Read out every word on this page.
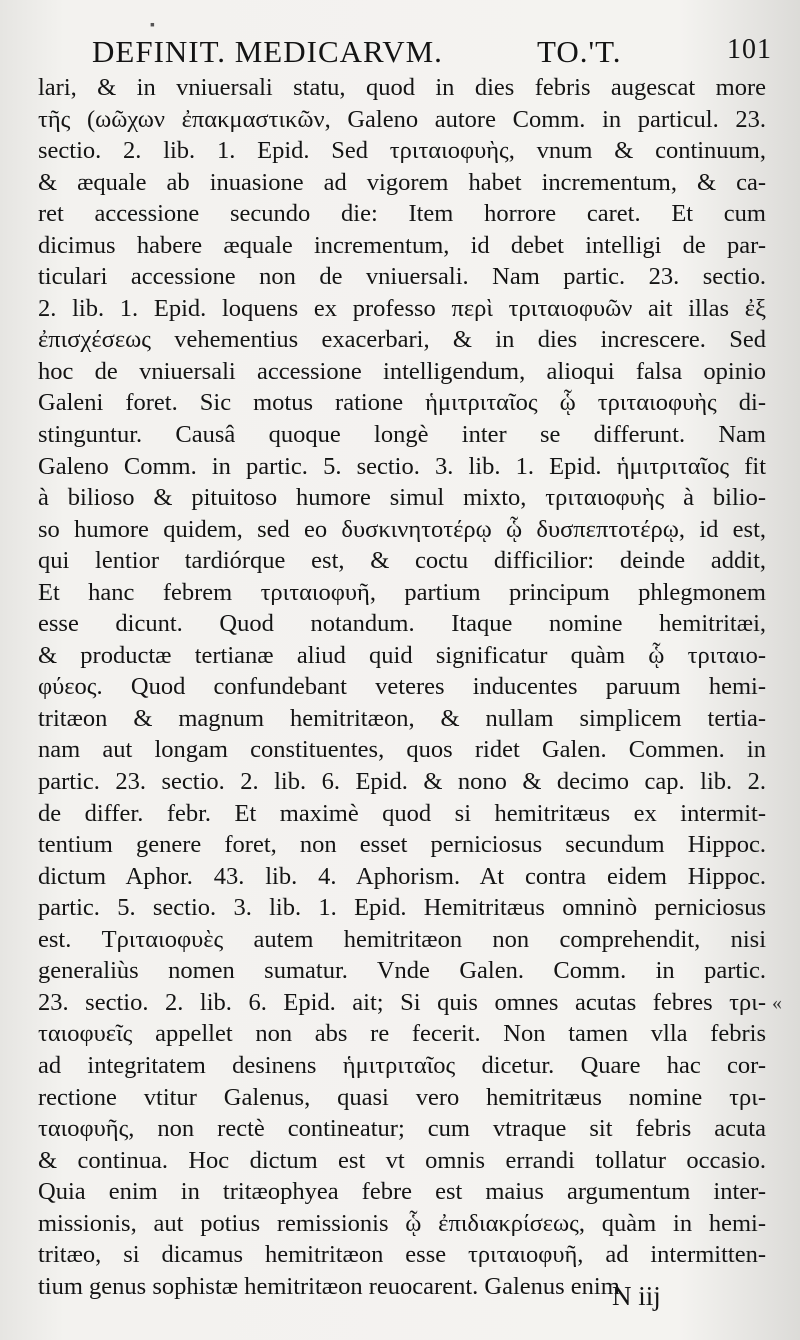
▪
DEFINIT. MEDICARVM.	TO.'T.	101
lari, & in vniuersali statu, quod in dies febris augescat more
τῆς (ωῶχων ἐπακμαστικῶν, Galeno autore Comm. in particul. 23.
sectio. 2. lib. 1. Epid. Sed τριταιοφυὴς, vnum & continuum,
& æquale ab inuasione ad vigorem habet incrementum, & ca-
ret accessione secundo die: Item horrore caret. Et cum
dicimus habere æquale incrementum, id debet intelligi de par-
ticulari accessione non de vniuersali. Nam partic. 23. sectio.
2. lib. 1. Epid. loquens ex professo περὶ τριταιοφυῶν ait illas ἐξ
ἐπισχέσεως vehementius exacerbari, & in dies increscere. Sed
hoc de vniuersali accessione intelligendum, alioqui falsa opinio
Galeni foret. Sic motus ratione ἡμιτριταῖος ᾧ τριταιοφυὴς di-
stinguntur. Causâ quoque longè inter se differunt. Nam
Galeno Comm. in partic. 5. sectio. 3. lib. 1. Epid. ἡμιτριταῖος fit
à bilioso & pituitoso humore simul mixto, τριταιοφυὴς à bilio-
so humore quidem, sed eo δυσκινητοτέρῳ ᾧ δυσπεπτοτέρῳ, id est,
qui lentior tardiórque est, & coctu difficilior: deinde addit,
Et hanc febrem τριταιοφυῆ, partium principum phlegmonem
esse dicunt. Quod notandum. Itaque nomine hemitritæi,
& productæ tertianæ aliud quid significatur quàm ᾧ τριταιο-
φύεος. Quod confundebant veteres inducentes paruum hemi-
tritæon & magnum hemitritæon, & nullam simplicem tertia-
nam aut longam constituentes, quos ridet Galen. Commen. in
partic. 23. sectio. 2. lib. 6. Epid. & nono & decimo cap. lib. 2.
de differ. febr. Et maximè quod si hemitritæus ex intermit-
tentium genere foret, non esset perniciosus secundum Hippoc.
dictum Aphor. 43. lib. 4. Aphorism. At contra eidem Hippoc.
partic. 5. sectio. 3. lib. 1. Epid. Hemitritæus omninò perniciosus
est. Τριταιοφυὲς autem hemitritæon non comprehendit, nisi
generaliùs nomen sumatur. Vnde Galen. Comm. in partic.
23. sectio. 2. lib. 6. Epid. ait; Si quis omnes acutas febres τρι-
ταιοφυεῖς appellet non abs re fecerit. Non tamen vlla febris
ad integritatem desinens ἡμιτριταῖος dicetur. Quare hac cor-
rectione vtitur Galenus, quasi vero hemitritæus nomine τρι-
ταιοφυῆς, non rectè contineatur; cum vtraque sit febris acuta
& continua. Hoc dictum est vt omnis errandi tollatur occasio.
Quia enim in tritæophyea febre est maius argumentum inter-
missionis, aut potius remissionis ᾧ ἐπιδιακρίσεως, quàm in hemi-
tritæo, si dicamus hemitritæon esse τριταιοφυῆ, ad intermitten-
tium genus sophistæ hemitritæon reuocarent. Galenus enim
«
N iij
